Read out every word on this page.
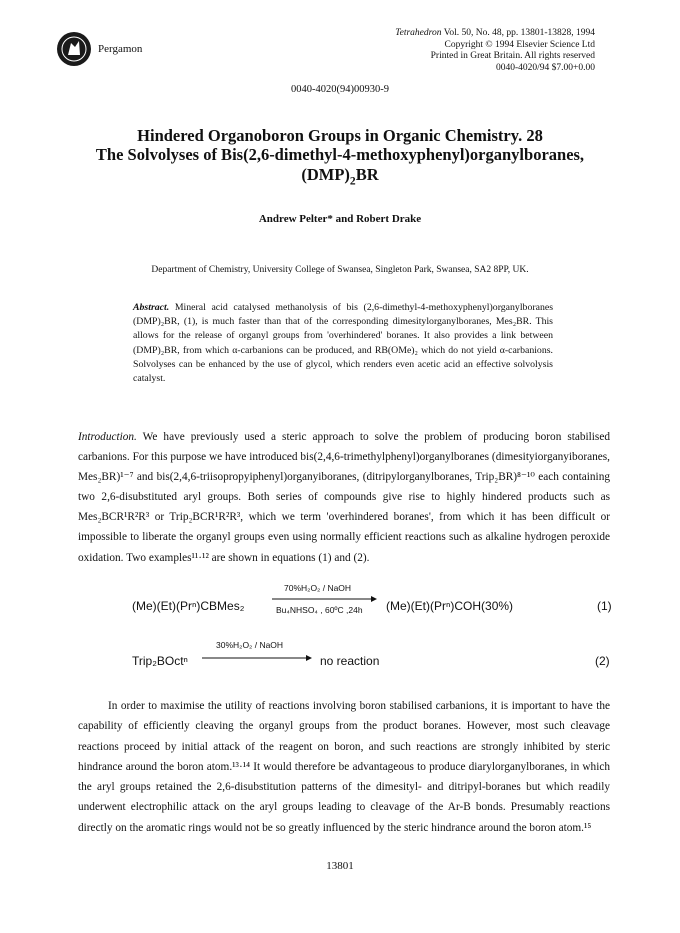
Pergamon
Tetrahedron Vol. 50, No. 48, pp. 13801-13828, 1994
Copyright © 1994 Elsevier Science Ltd
Printed in Great Britain. All rights reserved
0040-4020/94 $7.00+0.00
0040-4020(94)00930-9
Hindered Organoboron Groups in Organic Chemistry. 28
The Solvolyses of Bis(2,6-dimethyl-4-methoxyphenyl)organylboranes,
$(DMP)_2BR$
Andrew Pelter* and Robert Drake
Department of Chemistry, University College of Swansea, Singleton Park, Swansea, SA2 8PP, UK.
Abstract. Mineral acid catalysed methanolysis of bis (2,6-dimethyl-4-methoxyphenyl)organylboranes (DMP)₂BR, (1), is much faster than that of the corresponding dimesitylorganylboranes, Mes₂BR. This allows for the release of organyl groups from 'overhindered' boranes. It also provides a link between (DMP)₂BR, from which α-carbanions can be produced, and RB(OMe)₂ which do not yield α-carbanions. Solvolyses can be enhanced by the use of glycol, which renders even acetic acid an effective solvolysis catalyst.
Introduction. We have previously used a steric approach to solve the problem of producing boron stabilised carbanions. For this purpose we have introduced bis(2,4,6-trimethylphenyl)organylboranes (dimesityiorganyiboranes, Mes₂BR)¹⁻⁷ and bis(2,4,6-triisopropyiphenyl)organyiboranes, (ditripylorganylboranes, Trip₂BR)⁸⁻¹⁰ each containing two 2,6-disubstituted aryl groups. Both series of compounds give rise to highly hindered products such as Mes₂BCR¹R²R³ or Trip₂BCR¹R²R³, which we term 'overhindered boranes', from which it has been difficult or impossible to liberate the organyl groups even using normally efficient reactions such as alkaline hydrogen peroxide oxidation. Two examples¹¹·¹² are shown in equations (1) and (2).
(Me)(Et)(Prⁿ)CBMes₂
70%H₂O₂ / NaOH
Bu₄NHSO₄ , 60ºC ,24h (Me)(Et)(Prⁿ)COH(30%)	(1)
Trip₂BOctⁿ
30%H₂O₂ / NaOH
no reaction	(2)
In order to maximise the utility of reactions involving boron stabilised carbanions, it is important to have the capability of efficiently cleaving the organyl groups from the product boranes. However, most such cleavage reactions proceed by initial attack of the reagent on boron, and such reactions are strongly inhibited by steric hindrance around the boron atom.¹³·¹⁴ It would therefore be advantageous to produce diarylorganylboranes, in which the aryl groups retained the 2,6-disubstitution patterns of the dimesityl- and ditripyl-boranes but which readily underwent electrophilic attack on the aryl groups leading to cleavage of the Ar-B bonds. Presumably reactions directly on the aromatic rings would not be so greatly influenced by the steric hindrance around the boron atom.¹⁵
13801
